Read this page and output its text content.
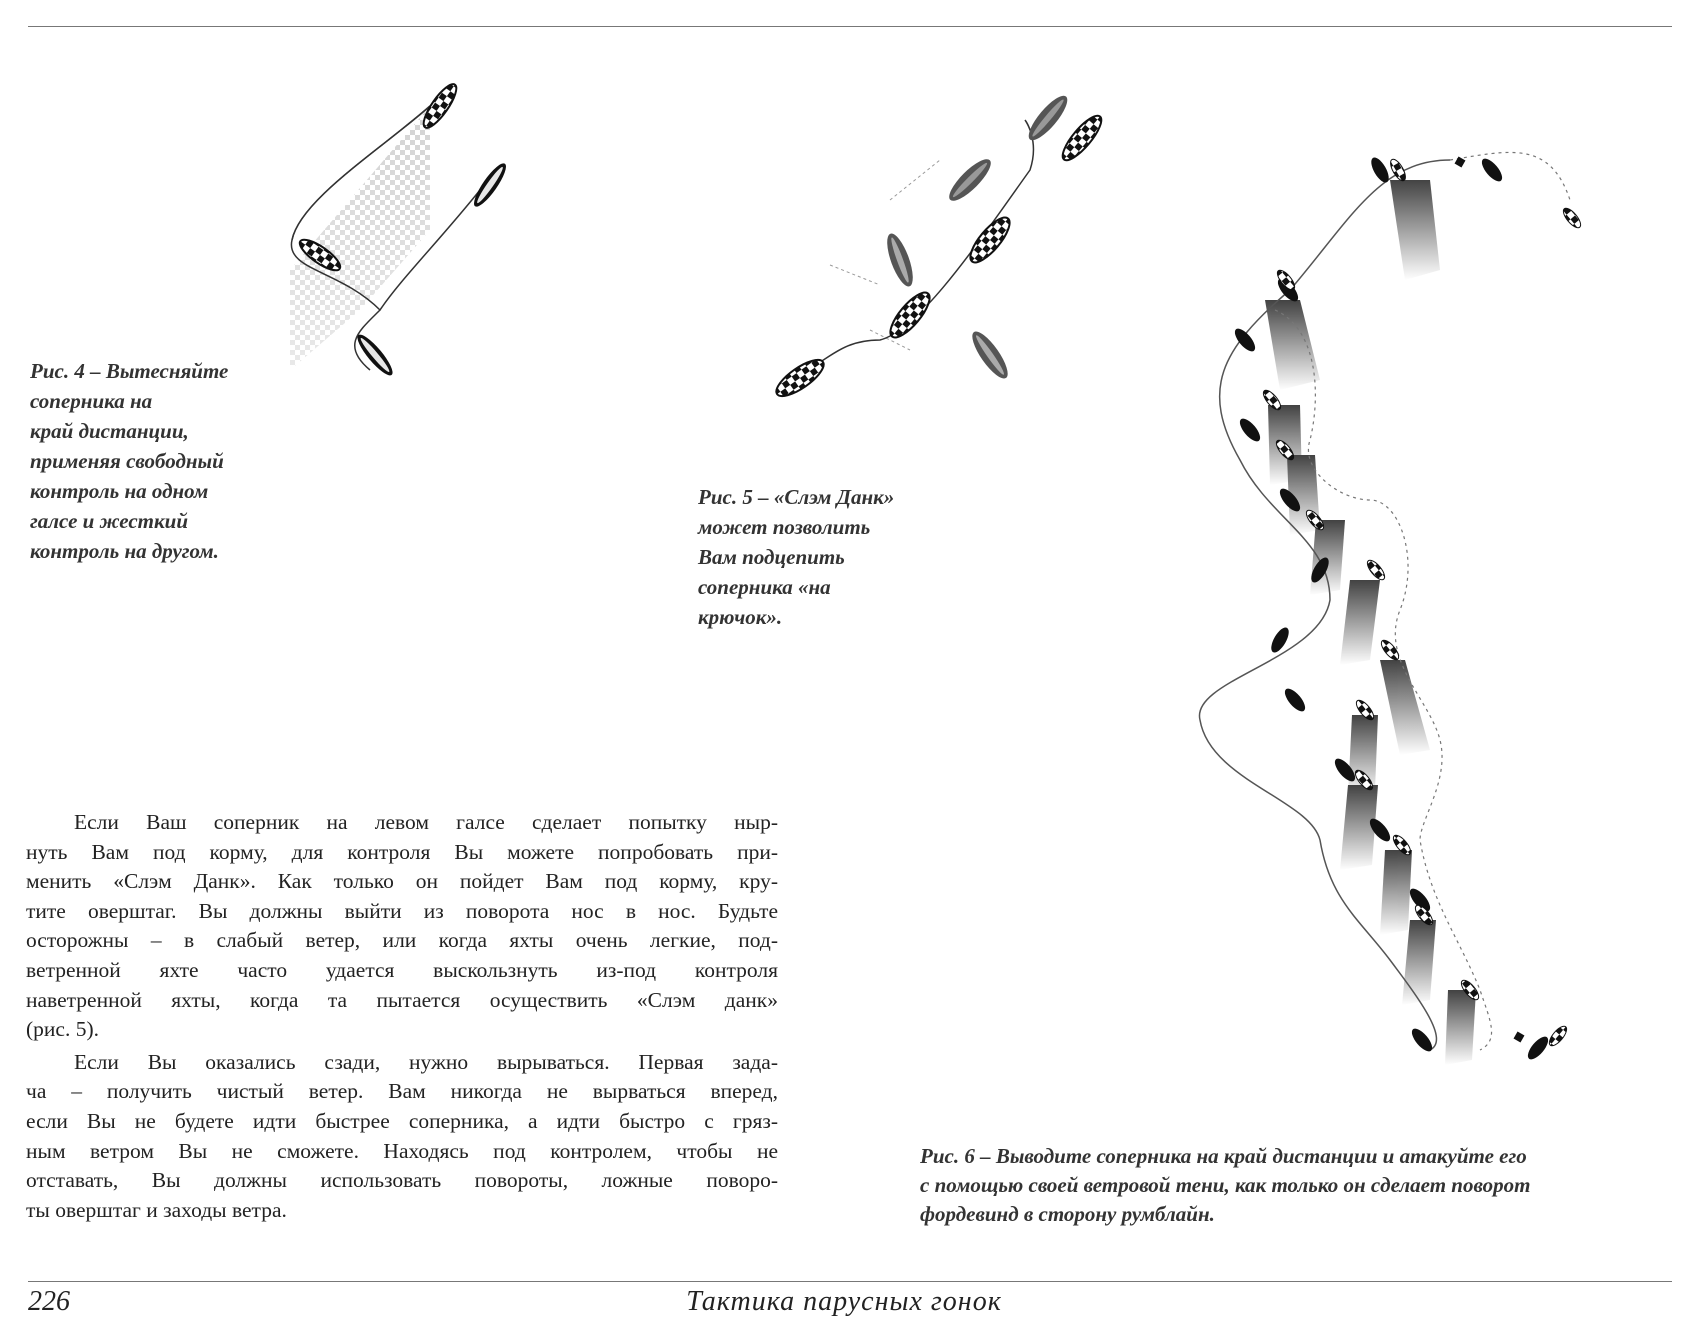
Рис. 4 – Вытесняйте

соперника на

край дистанции,

применяя свободный

контроль на одном

галсе и жесткий

контроль на другом.

Рис. 5 – «Слэм Данк»

может позволить

Вам подцепить

соперника «на

крючок».

Рис. 6 – Выводите соперника на край дистанции и атакуйте его

с помощью своей ветровой тени, как только он сделает поворот

фордевинд в сторону румблайн.

Если Ваш соперник на левом галсе сделает попытку ныр-
нуть Вам под корму, для контроля Вы можете попробовать при-
менить «Слэм Данк». Как только он пойдет Вам под корму, кру-
тите оверштаг. Вы должны выйти из поворота нос в нос. Будьте
осторожны – в слабый ветер, или когда яхты очень легкие, под-
ветренной яхте часто удается выскользнуть из-под контроля
наветренной яхты, когда та пытается осуществить «Слэм данк»
(рис. 5).
Если Вы оказались сзади, нужно вырываться. Первая зада-
ча – получить чистый ветер. Вам никогда не вырваться вперед,
если Вы не будете идти быстрее соперника, а идти быстро с гряз-
ным ветром Вы не сможете. Находясь под контролем, чтобы не
отставать, Вы должны использовать повороты, ложные поворо-
ты оверштаг и заходы ветра.
226	Тактика парусных гонок
